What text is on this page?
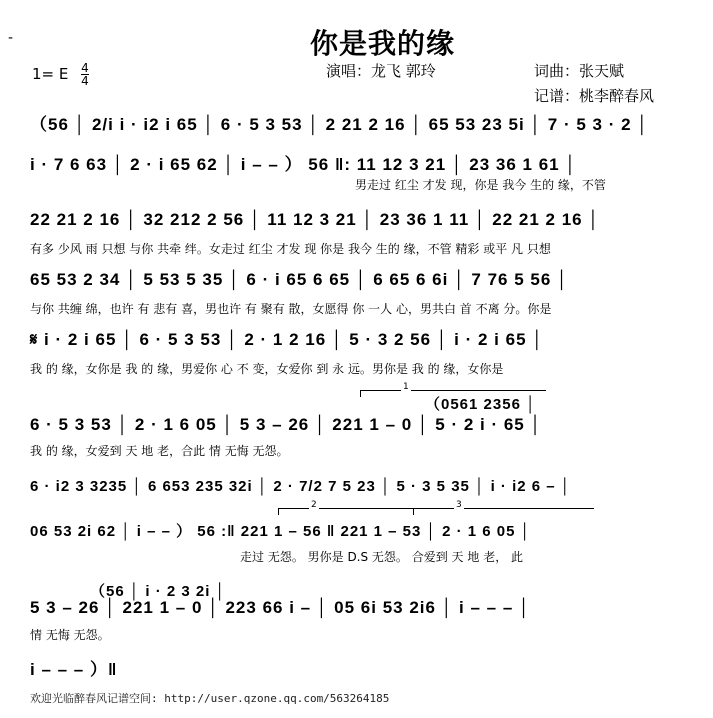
-	你是我的缘
1= E $\frac{4}{4}$	演唱：龙飞 郭玲	词曲：张天赋
记谱：桃李醉春风
（56 │ 2/i i · i2 i 65 │ 6 · 5 3 53 │ 2 21 2 16 │ 65 53 23 5i │ 7 · 5 3 · 2 │
i · 7 6 63 │ 2 · i 65 62 │ i – – ） 56 ‖: 11 12 3 21 │ 23 36 1 61 │
男走过 红尘 才发 现，你是 我今 生的 缘，不管
22 21 2 16 │ 32 212 2 56 │ 11 12 3 21 │ 23 36 1 11 │ 22 21 2 16 │
有多 少风 雨 只想 与你 共牵 绊。女走过 红尘 才发 现 你是 我今 生的 缘，不管 精彩 或平 凡 只想
65 53 2 34 │ 5 53 5 35 │ 6 · i 65 6 65 │ 6 65 6 6i │ 7 76 5 56 │
与你 共缠 绵，也许 有 悲有 喜，男也许 有 聚有 散，女愿得 你 一人 心，男共白 首 不离 分。你是
𝄋 i · 2 i 65 │ 6 · 5 3 53 │ 2 · 1 2 16 │ 5 · 3 2 56 │ i · 2 i 65 │
我 的 缘，女你是 我 的 缘，男爱你 心 不 变，女爱你 到 永 远。男你是 我 的 缘，女你是
1
（0561 2356 │
6 · 5 3 53 │ 2 · 1 6 05 │ 5 3 – 26 │ 221 1 – 0 │ 5 · 2 i · 65 │
我 的 缘，女爱到 天 地 老，合此 情 无悔 无怨。
6 · i2 3 3235 │ 6 653 235 32i │ 2 · 7/2 7 5 23 │ 5 · 3 5 35 │ i · i2 6 – │
2	3
06 53 2i 62 │ i – – ） 56 :‖ 221 1 – 56 ‖ 221 1 – 53 │ 2 · 1 6 05 │
走过 无怨。 男你是 D.S 无怨。 合爱到 天 地 老， 此
（56 │ i · 2 3 2i │
5 3 – 26 │ 221 1 – 0 │ 223 66 i – │ 05 6i 53 2i6 │ i – – – │
情 无悔 无怨。
i – – – ）‖
欢迎光临醉春风记谱空间: http://user.qzone.qq.com/563264185
